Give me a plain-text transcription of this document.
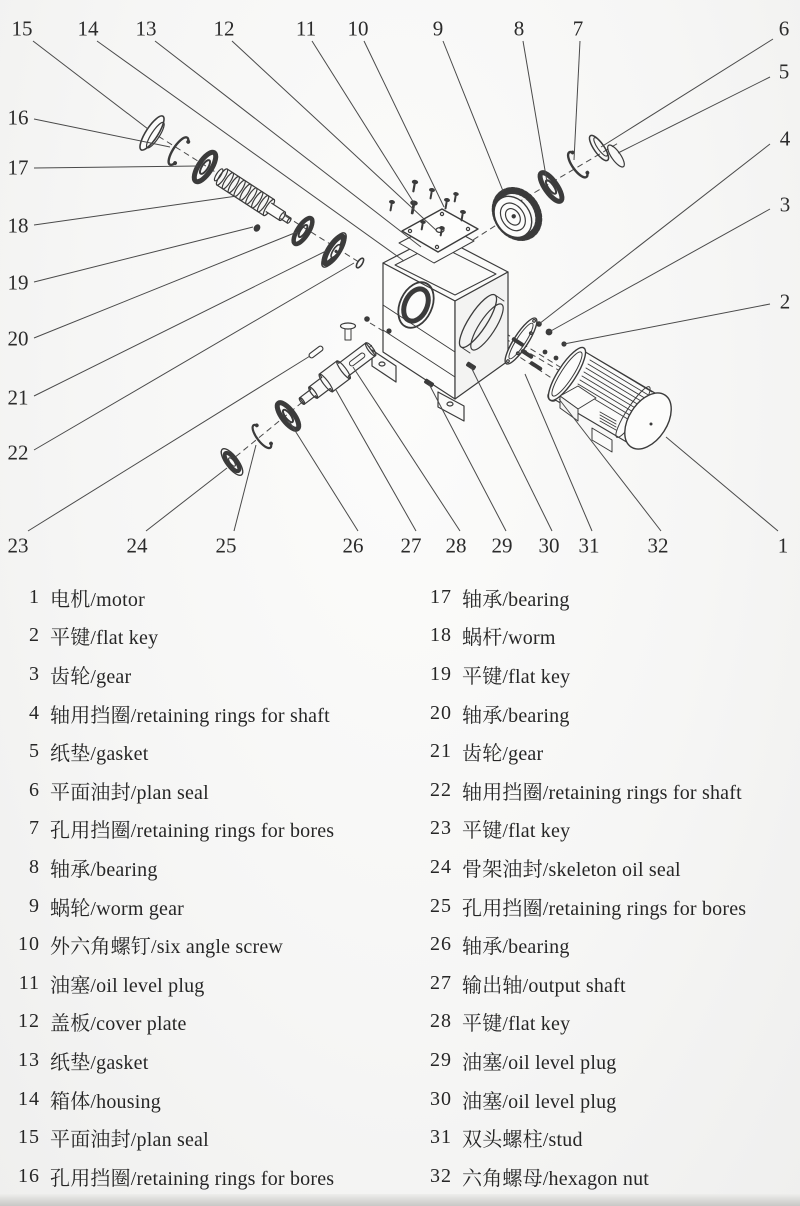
15 14 13	12	11 10	9	8 7	6
5
4
3
2
16
17
18
19
20
21
22
23	24	25	26 27 28 29 30 31 32	1
1 电机/motor
2 平键/flat key
3 齿轮/gear
4 轴用挡圈/retaining rings for shaft
5 纸垫/gasket
6 平面油封/plan seal
7 孔用挡圈/retaining rings for bores
8 轴承/bearing
9 蜗轮/worm gear
10 外六角螺钉/six angle screw
11 油塞/oil level plug
12 盖板/cover plate
13 纸垫/gasket
14 箱体/housing
15 平面油封/plan seal
16 孔用挡圈/retaining rings for bores
17 轴承/bearing
18 蜗杆/worm
19 平键/flat key
20 轴承/bearing
21 齿轮/gear
22 轴用挡圈/retaining rings for shaft
23 平键/flat key
24 骨架油封/skeleton oil seal
25 孔用挡圈/retaining rings for bores
26 轴承/bearing
27 输出轴/output shaft
28 平键/flat key
29 油塞/oil level plug
30 油塞/oil level plug
31 双头螺柱/stud
32 六角螺母/hexagon nut
